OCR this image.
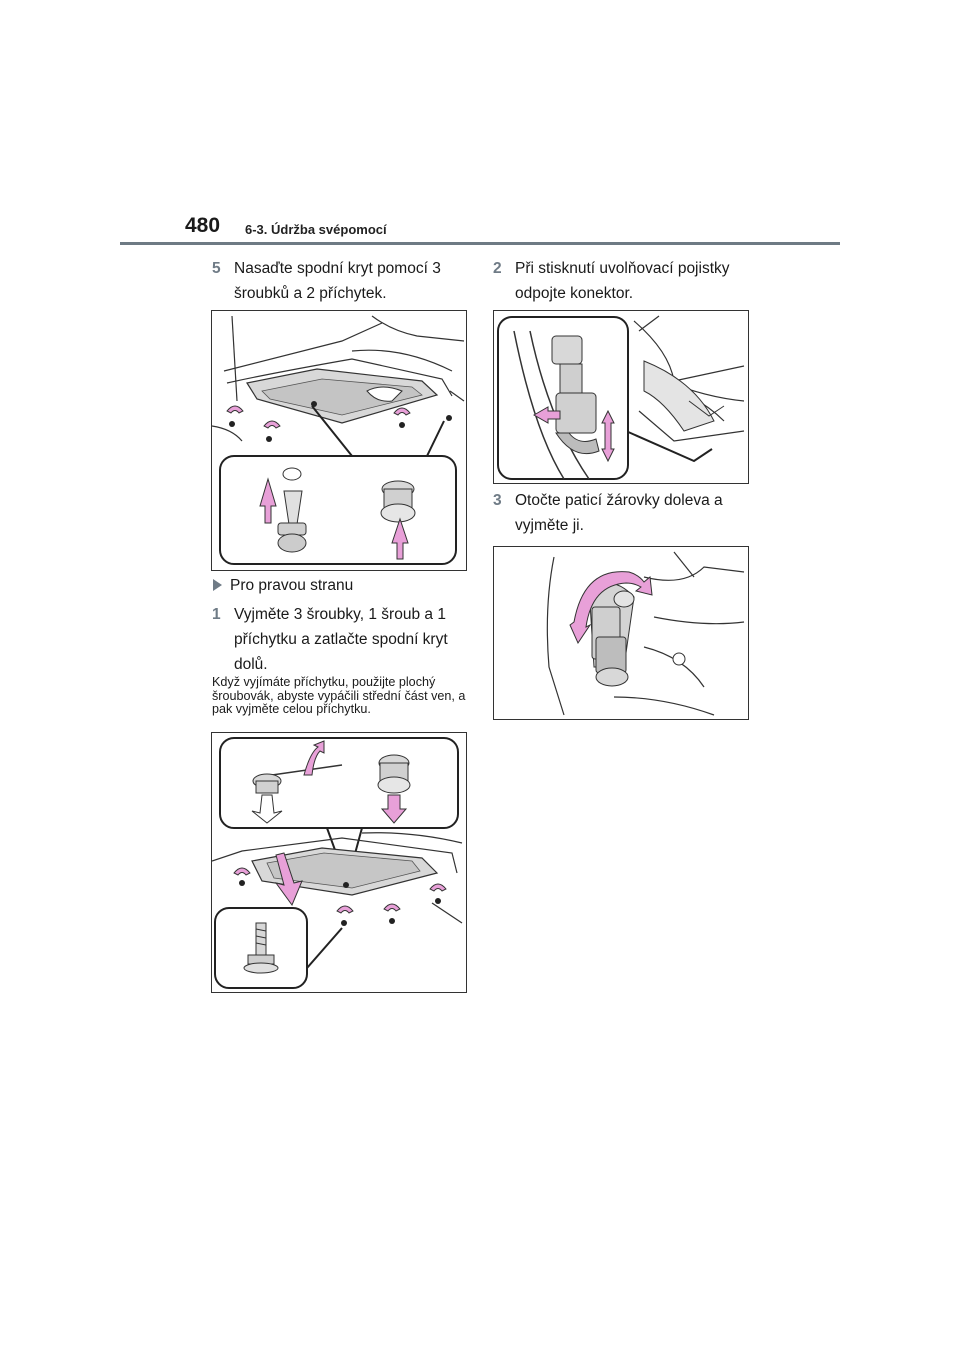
480 6-3. Údržba svépomocí
5 Nasaďte spodní kryt pomocí 3 šroubků a 2 příchytek.
Pro pravou stranu
1 Vyjměte 3 šroubky, 1 šroub a 1 příchytku a zatlačte spodní kryt dolů.
Když vyjímáte příchytku, použijte plochý šroubovák, abyste vypáčili střední část ven, a pak vyjměte celou příchytku.
2 Při stisknutí uvolňovací pojistky odpojte konektor.
3 Otočte paticí žárovky doleva a vyjměte ji.
